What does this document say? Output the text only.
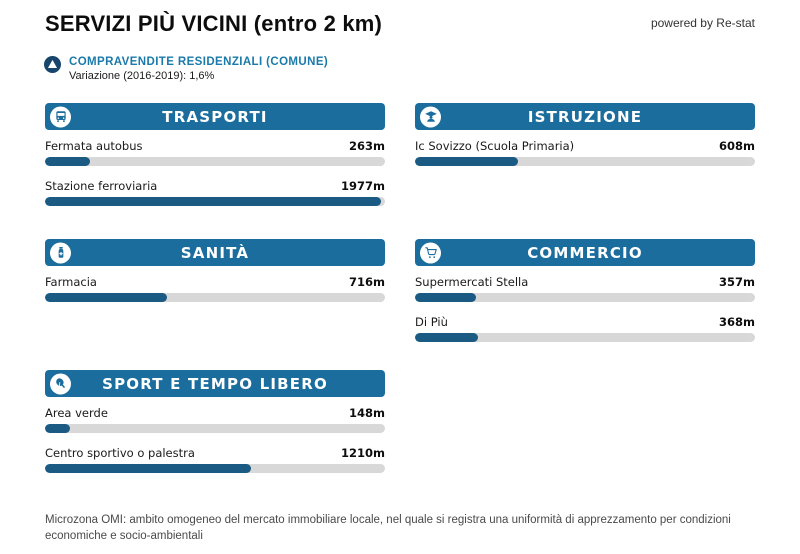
SERVIZI PIÙ VICINI (entro 2 km)	powered by Re-stat
COMPRAVENDITE RESIDENZIALI (COMUNE)
Variazione (2016-2019): 1,6%
TRASPORTI
Fermata autobus	263m
Stazione ferroviaria	1977m
ISTRUZIONE
Ic Sovizzo (Scuola Primaria)	608m
SANITÀ
Farmacia	716m
COMMERCIO
Supermercati Stella	357m
Di Più	368m
SPORT E TEMPO LIBERO
Area verde	148m
Centro sportivo o palestra	1210m
Microzona OMI: ambito omogeneo del mercato immobiliare locale, nel quale si registra una uniformità di apprezzamento per condizioni economiche e socio-ambientali
